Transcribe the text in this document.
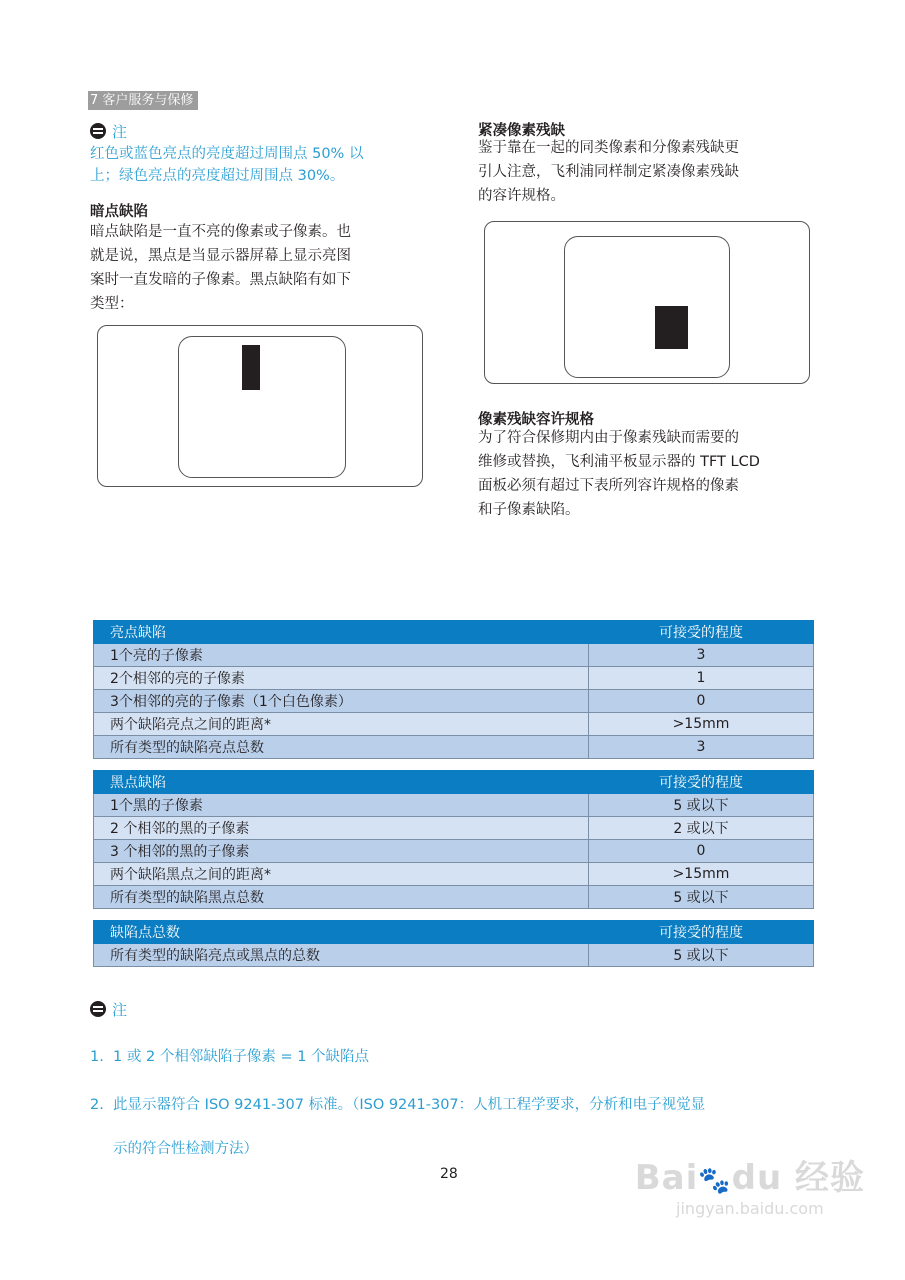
7 客户服务与保修
注
红色或蓝色亮点的亮度超过周围点 50% 以
上；绿色亮点的亮度超过周围点 30%。
暗点缺陷
暗点缺陷是一直不亮的像素或子像素。也
就是说，黑点是当显示器屏幕上显示亮图
案时一直发暗的子像素。黑点缺陷有如下
类型：
紧凑像素残缺
鉴于靠在一起的同类像素和分像素残缺更
引人注意，飞利浦同样制定紧凑像素残缺
的容许规格。
像素残缺容许规格
为了符合保修期内由于像素残缺而需要的
维修或替换，飞利浦平板显示器的 TFT LCD
面板必须有超过下表所列容许规格的像素
和子像素缺陷。
亮点缺陷	可接受的程度
1个亮的子像素	3
2个相邻的亮的子像素	1
3个相邻的亮的子像素（1个白色像素）	0
两个缺陷亮点之间的距离*	>15mm
所有类型的缺陷亮点总数	3
黑点缺陷	可接受的程度
1个黑的子像素	5 或以下
2 个相邻的黑的子像素	2 或以下
3 个相邻的黑的子像素	0
两个缺陷黑点之间的距离*	>15mm
所有类型的缺陷黑点总数	5 或以下
缺陷点总数	可接受的程度
所有类型的缺陷亮点或黑点的总数	5 或以下
注

1.  1 或 2 个相邻缺陷子像素 = 1 个缺陷点

2.  此显示器符合 ISO 9241-307 标准。（ISO 9241-307：人机工程学要求，分析和电子视觉显

示的符合性检测方法）

28	Bai🐾du 经验
jingyan.baidu.com
